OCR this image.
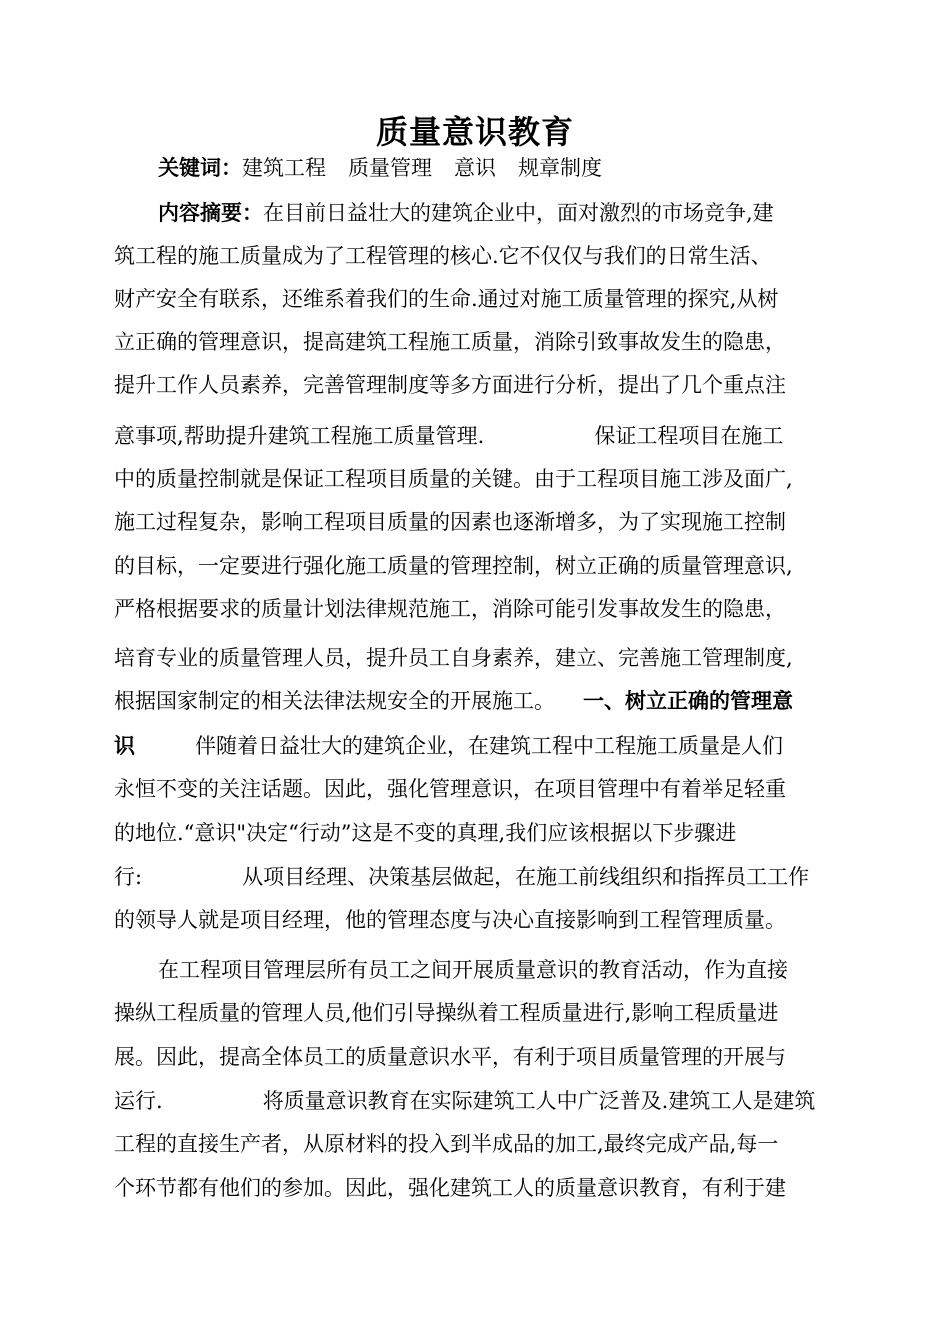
质量意识教育
关键词：建筑工程 质量管理 意识 规章制度
内容摘要：在目前日益壮大的建筑企业中，面对激烈的市场竞争,建
筑工程的施工质量成为了工程管理的核心.它不仅仅与我们的日常生活、
财产安全有联系，还维系着我们的生命.通过对施工质量管理的探究,从树
立正确的管理意识，提高建筑工程施工质量，消除引致事故发生的隐患，
提升工作人员素养，完善管理制度等多方面进行分析，提出了几个重点注
意事项,帮助提升建筑工程施工质量管理.	保证工程项目在施工
中的质量控制就是保证工程项目质量的关键。由于工程项目施工涉及面广,
施工过程复杂，影响工程项目质量的因素也逐渐增多，为了实现施工控制
的目标，一定要进行强化施工质量的管理控制，树立正确的质量管理意识,
严格根据要求的质量计划法律规范施工，消除可能引发事故发生的隐患，
培育专业的质量管理人员，提升员工自身素养，建立、完善施工管理制度,
根据国家制定的相关法律法规安全的开展施工。 一、树立正确的管理意
识	伴随着日益壮大的建筑企业，在建筑工程中工程施工质量是人们
永恒不变的关注话题。因此，强化管理意识，在项目管理中有着举足轻重
的地位.“意识"决定“行动”这是不变的真理,我们应该根据以下步骤进
行:	从项目经理、决策基层做起，在施工前线组织和指挥员工工作
的领导人就是项目经理，他的管理态度与决心直接影响到工程管理质量。
在工程项目管理层所有员工之间开展质量意识的教育活动，作为直接
操纵工程质量的管理人员,他们引导操纵着工程质量进行,影响工程质量进
展。因此，提高全体员工的质量意识水平，有利于项目质量管理的开展与
运行.	将质量意识教育在实际建筑工人中广泛普及.建筑工人是建筑
工程的直接生产者，从原材料的投入到半成品的加工,最终完成产品,每一
个环节都有他们的参加。因此，强化建筑工人的质量意识教育，有利于建
